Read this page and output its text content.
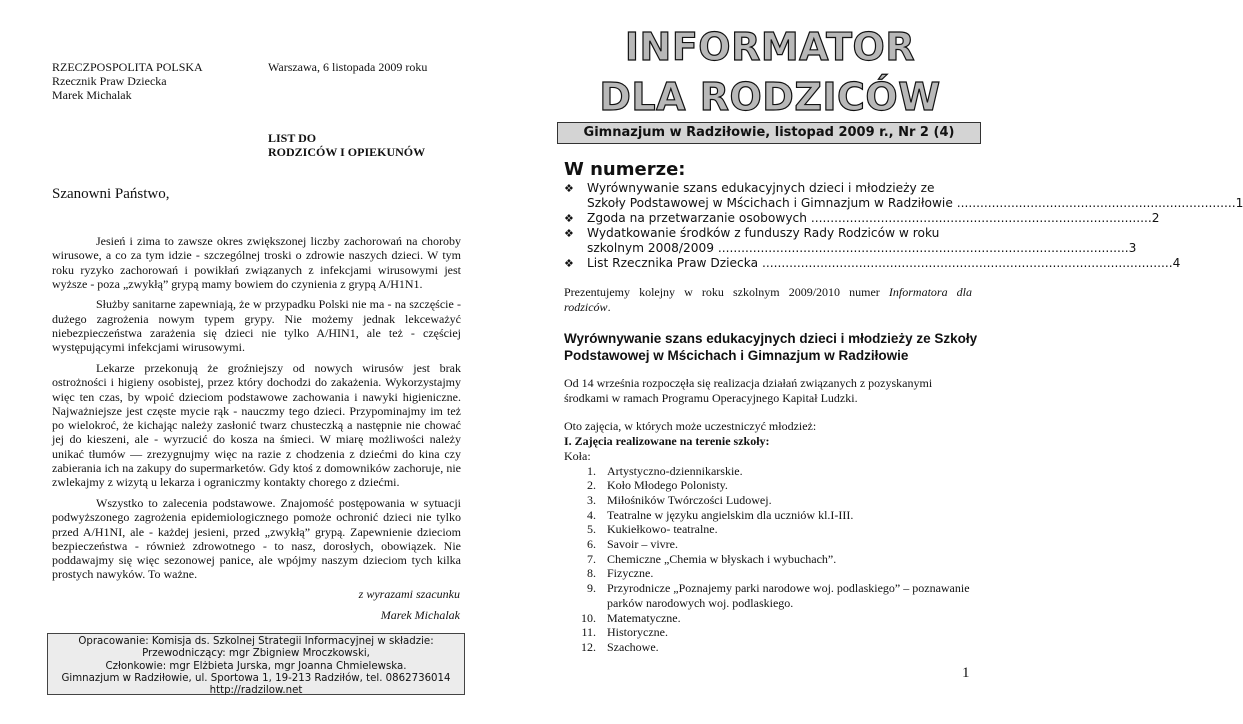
RZECZPOSPOLITA POLSKA
Rzecznik Praw Dziecka
Marek Michalak
Warszawa, 6 listopada 2009 roku
LIST DO
RODZICÓW I OPIEKUNÓW
Szanowni Państwo,

Jesień i zima to zawsze okres zwiększonej liczby zachorowań na choroby wirusowe, a co za tym idzie - szczególnej troski o zdrowie naszych dzieci. W tym roku ryzyko zachorowań i powikłań związanych z infekcjami wirusowymi jest wyższe - poza „zwykłą” grypą mamy bowiem do czynienia z grypą A/H1N1.

Służby sanitarne zapewniają, że w przypadku Polski nie ma - na szczęście - dużego zagrożenia nowym typem grypy. Nie możemy jednak lekceważyć niebezpieczeństwa zarażenia się dzieci nie tylko A/HIN1, ale też - częściej występującymi infekcjami wirusowymi.

Lekarze przekonują że groźniejszy od nowych wirusów jest brak ostrożności i higieny osobistej, przez który dochodzi do zakażenia. Wykorzystajmy więc ten czas, by wpoić dzieciom podstawowe zachowania i nawyki higieniczne. Najważniejsze jest częste mycie rąk - nauczmy tego dzieci. Przypominajmy im też po wielokroć, że kichając należy zasłonić twarz chusteczką a następnie nie chować jej do kieszeni, ale - wyrzucić do kosza na śmieci. W miarę możliwości należy unikać tłumów — zrezygnujmy więc na razie z chodzenia z dziećmi do kina czy zabierania ich na zakupy do supermarketów. Gdy ktoś z domowników zachoruje, nie zwlekajmy z wizytą u lekarza i ograniczmy kontakty chorego z dziećmi.

Wszystko to zalecenia podstawowe. Znajomość postępowania w sytuacji podwyższonego zagrożenia epidemiologicznego pomoże ochronić dzieci nie tylko przed A/H1NI, ale - każdej jesieni, przed „zwykłą” grypą. Zapewnienie dzieciom bezpieczeństwa - również zdrowotnego - to nasz, dorosłych, obowiązek. Nie poddawajmy się więc sezonowej panice, ale wpójmy naszym dzieciom tych kilka prostych nawyków. To ważne.

z wyrazami szacunku
Marek Michalak
Opracowanie: Komisja ds. Szkolnej Strategii Informacyjnej w składzie:
Przewodniczący: mgr Zbigniew Mroczkowski,
Członkowie: mgr Elżbieta Jurska, mgr Joanna Chmielewska.
Gimnazjum w Radziłowie, ul. Sportowa 1, 19-213 Radziłów, tel. 0862736014
http://radzilow.net
INFORMATOR
DLA RODZICÓW
Gimnazjum w Radziłowie, listopad 2009 r., Nr 2 (4)
W numerze:
❖ Wyrównywanie szans edukacyjnych dzieci i młodzieży ze
Szkoły Podstawowej w Mścichach i Gimnazjum w Radziłowie ........................................................................ 1
❖ Zgoda na przetwarzanie osobowych ........................................................................................ 2
❖ Wydatkowanie środków z funduszy Rady Rodziców w roku
szkolnym 2008/2009 .......................................................................................................... 3
❖ List Rzecznika Praw Dziecka .......................................................................................................... 4
Prezentujemy kolejny w roku szkolnym 2009/2010 numer Informatora dla rodziców.
Wyrównywanie szans edukacyjnych dzieci i młodzieży ze Szkoły Podstawowej w Mścichach i Gimnazjum w Radziłowie

Od 14 września rozpoczęła się realizacja działań związanych z pozyskanymi środkami w ramach Programu Operacyjnego Kapitał Ludzki.

Oto zajęcia, w których może uczestniczyć młodzież:

I. Zajęcia realizowane na terenie szkoły:

Koła:

1. Artystyczno-dziennikarskie.
2. Koło Młodego Polonisty.
3. Miłośników Twórczości Ludowej.
4. Teatralne w języku angielskim dla uczniów kl.I-III.
5. Kukiełkowo- teatralne.
6. Savoir – vivre.
7. Chemiczne „Chemia w błyskach i wybuchach”.
8. Fizyczne.
9. Przyrodnicze „Poznajemy parki narodowe woj. podlaskiego” – poznawanie parków narodowych woj. podlaskiego.
10. Matematyczne.
11. Historyczne.
12. Szachowe.
1
